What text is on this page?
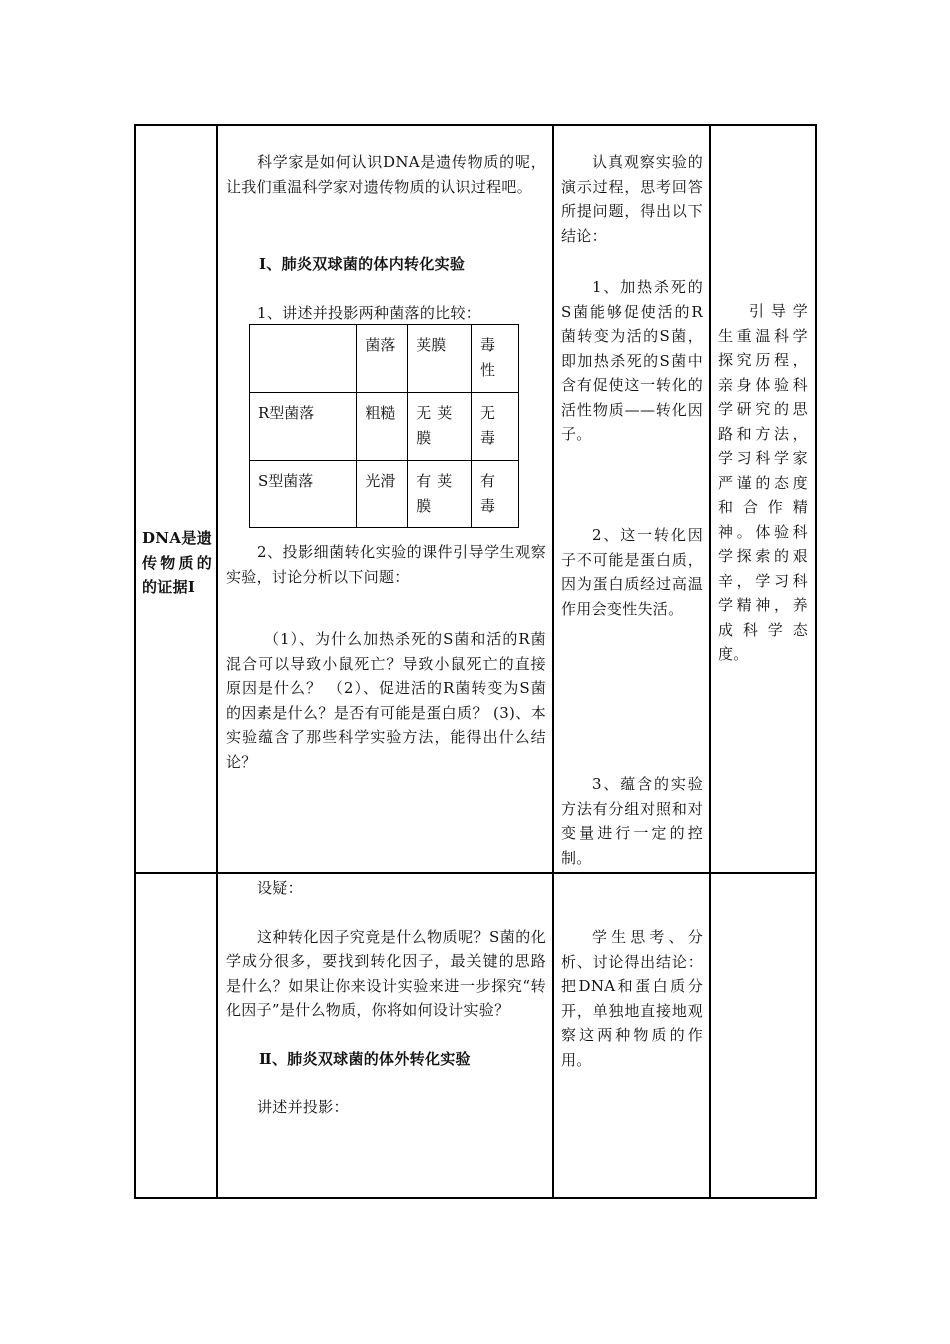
DNA是遗传物质的的证据Ⅰ

科学家是如何认识DNA是遗传物质的呢，让我们重温科学家对遗传物质的认识过程吧。

Ⅰ、肺炎双球菌的体内转化实验

1、讲述并投影两种菌落的比较：

	菌落	荚膜	毒性
R型菌落	粗糙	无荚膜	无毒
S型菌落	光滑	有荚膜	有毒

2、投影细菌转化实验的课件引导学生观察实验，讨论分析以下问题：

（1）、为什么加热杀死的S菌和活的R菌混合可以导致小鼠死亡？导致小鼠死亡的直接原因是什么？ （2）、促进活的R菌转变为S菌的因素是什么？是否有可能是蛋白质？ (3)、本实验蕴含了那些科学实验方法，能得出什么结论？

认真观察实验的演示过程，思考回答所提问题，得出以下结论：

1、加热杀死的S菌能够促使活的R菌转变为活的S菌，即加热杀死的S菌中含有促使这一转化的活性物质——转化因子。

2、这一转化因子不可能是蛋白质，因为蛋白质经过高温作用会变性失活。

3、蕴含的实验方法有分组对照和对变量进行一定的控制。

引导学生重温科学探究历程，亲身体验科学研究的思路和方法，学习科学家严谨的态度和合作精神。体验科学探索的艰辛，学习科学精神，养成科学态度。

设疑：

这种转化因子究竟是什么物质呢？S菌的化学成分很多，要找到转化因子，最关键的思路是什么？如果让你来设计实验来进一步探究“转化因子”是什么物质，你将如何设计实验？

Ⅱ、肺炎双球菌的体外转化实验

讲述并投影：

学生思考、分析、讨论得出结论：把DNA和蛋白质分开，单独地直接地观察这两种物质的作用。
